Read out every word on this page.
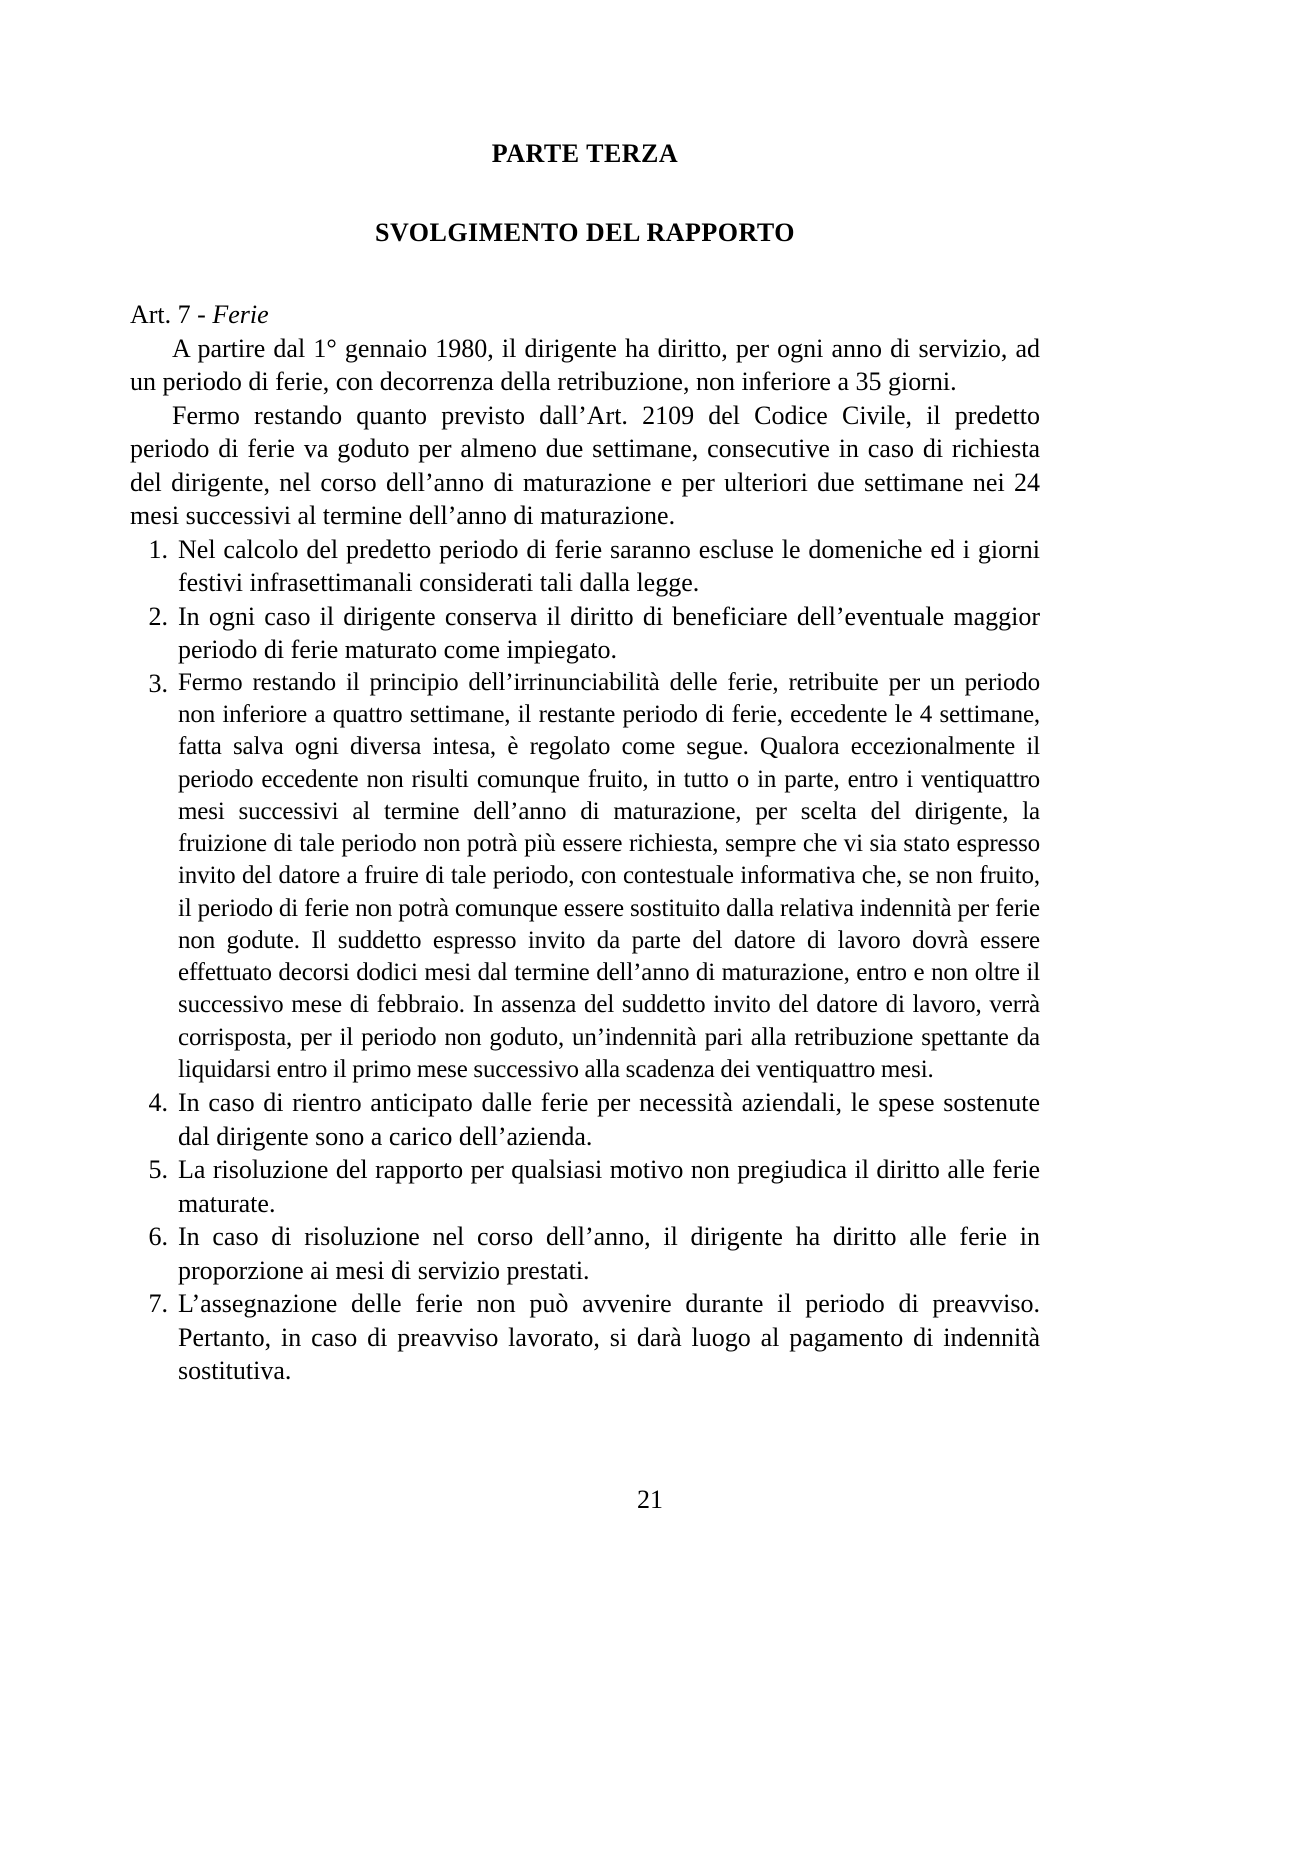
PARTE TERZA
SVOLGIMENTO DEL RAPPORTO
Art. 7 - Ferie

A partire dal 1° gennaio 1980, il dirigente ha diritto, per ogni anno di servizio, ad un periodo di ferie, con decorrenza della retribuzione, non inferiore a 35 giorni.

Fermo restando quanto previsto dall’Art. 2109 del Codice Civile, il predetto periodo di ferie va goduto per almeno due settimane, consecutive in caso di richiesta del dirigente, nel corso dell’anno di maturazione e per ulteriori due settimane nei 24 mesi successivi al termine dell’anno di maturazione.

1. Nel calcolo del predetto periodo di ferie saranno escluse le domeniche ed i giorni festivi infrasettimanali considerati tali dalla legge.
2. In ogni caso il dirigente conserva il diritto di beneficiare dell’eventuale maggior periodo di ferie maturato come impiegato.
3. Fermo restando il principio dell’irrinunciabilità delle ferie, retribuite per un periodo non inferiore a quattro settimane, il restante periodo di ferie, eccedente le 4 settimane, fatta salva ogni diversa intesa, è regolato come segue. Qualora eccezionalmente il periodo eccedente non risulti comunque fruito, in tutto o in parte, entro i ventiquattro mesi successivi al termine dell’anno di maturazione, per scelta del dirigente, la fruizione di tale periodo non potrà più essere richiesta, sempre che vi sia stato espresso invito del datore a fruire di tale periodo, con contestuale informativa che, se non fruito, il periodo di ferie non potrà comunque essere sostituito dalla relativa indennità per ferie non godute. Il suddetto espresso invito da parte del datore di lavoro dovrà essere effettuato decorsi dodici mesi dal termine dell’anno di maturazione, entro e non oltre il successivo mese di febbraio. In assenza del suddetto invito del datore di lavoro, verrà corrisposta, per il periodo non goduto, un’indennità pari alla retribuzione spettante da liquidarsi entro il primo mese successivo alla scadenza dei ventiquattro mesi.
4. In caso di rientro anticipato dalle ferie per necessità aziendali, le spese sostenute dal dirigente sono a carico dell’azienda.
5. La risoluzione del rapporto per qualsiasi motivo non pregiudica il diritto alle ferie maturate.
6. In caso di risoluzione nel corso dell’anno, il dirigente ha diritto alle ferie in proporzione ai mesi di servizio prestati.
7. L’assegnazione delle ferie non può avvenire durante il periodo di preavviso. Pertanto, in caso di preavviso lavorato, si darà luogo al pagamento di indennità sostitutiva.
21
